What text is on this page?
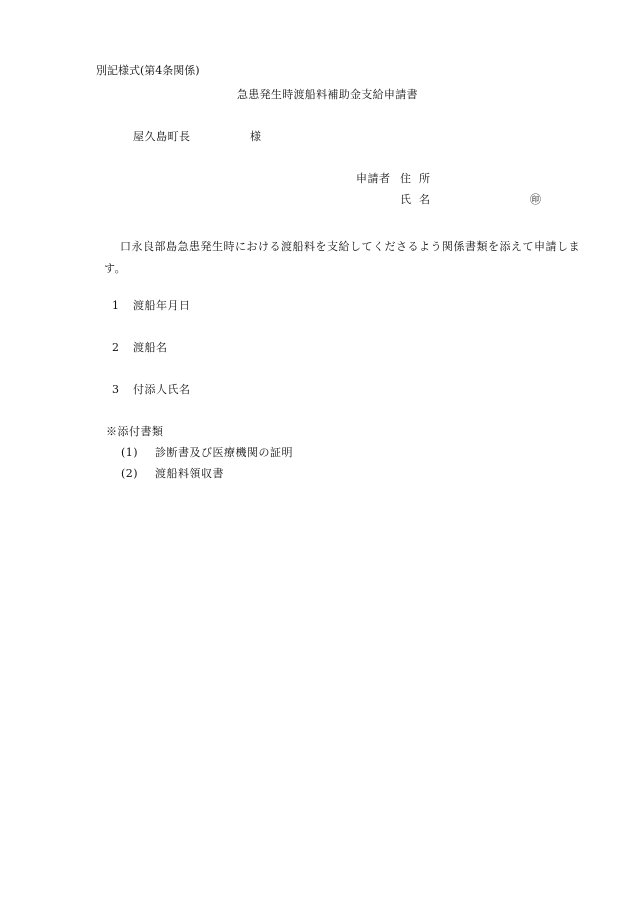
別記様式(第4条関係)
急患発生時渡船料補助金支給申請書
屋久島町長	様
申請者 住所
氏名	㊞
口永良部島急患発生時における渡船料を支給してくださるよう関係書類を添えて申請します。
1 渡船年月日
2 渡船名
3 付添人氏名
※添付書類
(1) 診断書及び医療機関の証明
(2) 渡船料領収書
